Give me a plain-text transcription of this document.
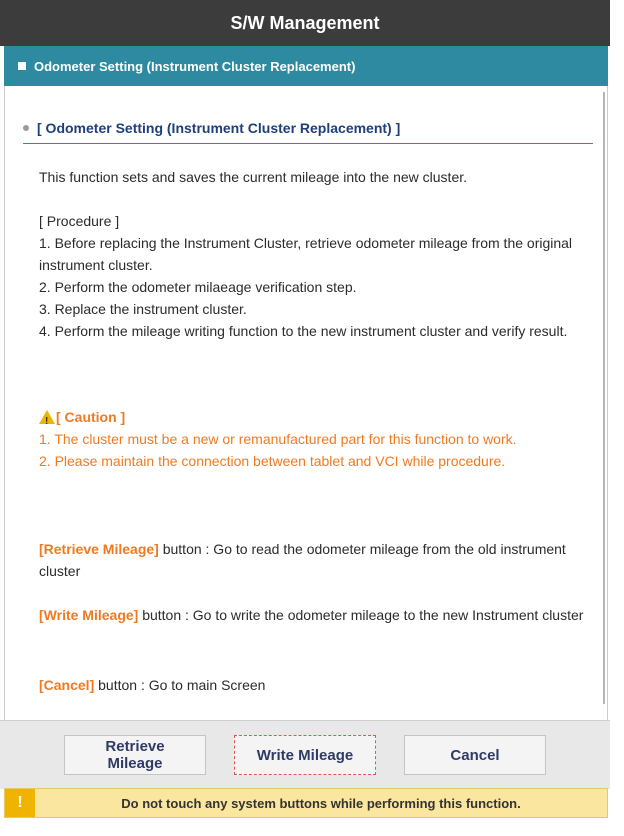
S/W Management
Odometer Setting (Instrument Cluster Replacement)
[ Odometer Setting (Instrument Cluster Replacement) ]
This function sets and saves the current mileage into the new cluster.
[ Procedure ]
1. Before replacing the Instrument Cluster, retrieve odometer mileage from the original instrument cluster.
2. Perform the odometer milaeage verification step.
3. Replace the instrument cluster.
4. Perform the mileage writing function to the new instrument cluster and verify result.
!
[ Caution ]
1. The cluster must be a new or remanufactured part for this function to work.
2. Please maintain the connection between tablet and VCI while procedure.
[Retrieve Mileage] button : Go to read the odometer mileage from the old instrument cluster
[Write Mileage] button : Go to write the odometer mileage to the new Instrument cluster
[Cancel] button : Go to main Screen
Retrieve
Mileage	Write Mileage	Cancel
!	Do not touch any system buttons while performing this function.
